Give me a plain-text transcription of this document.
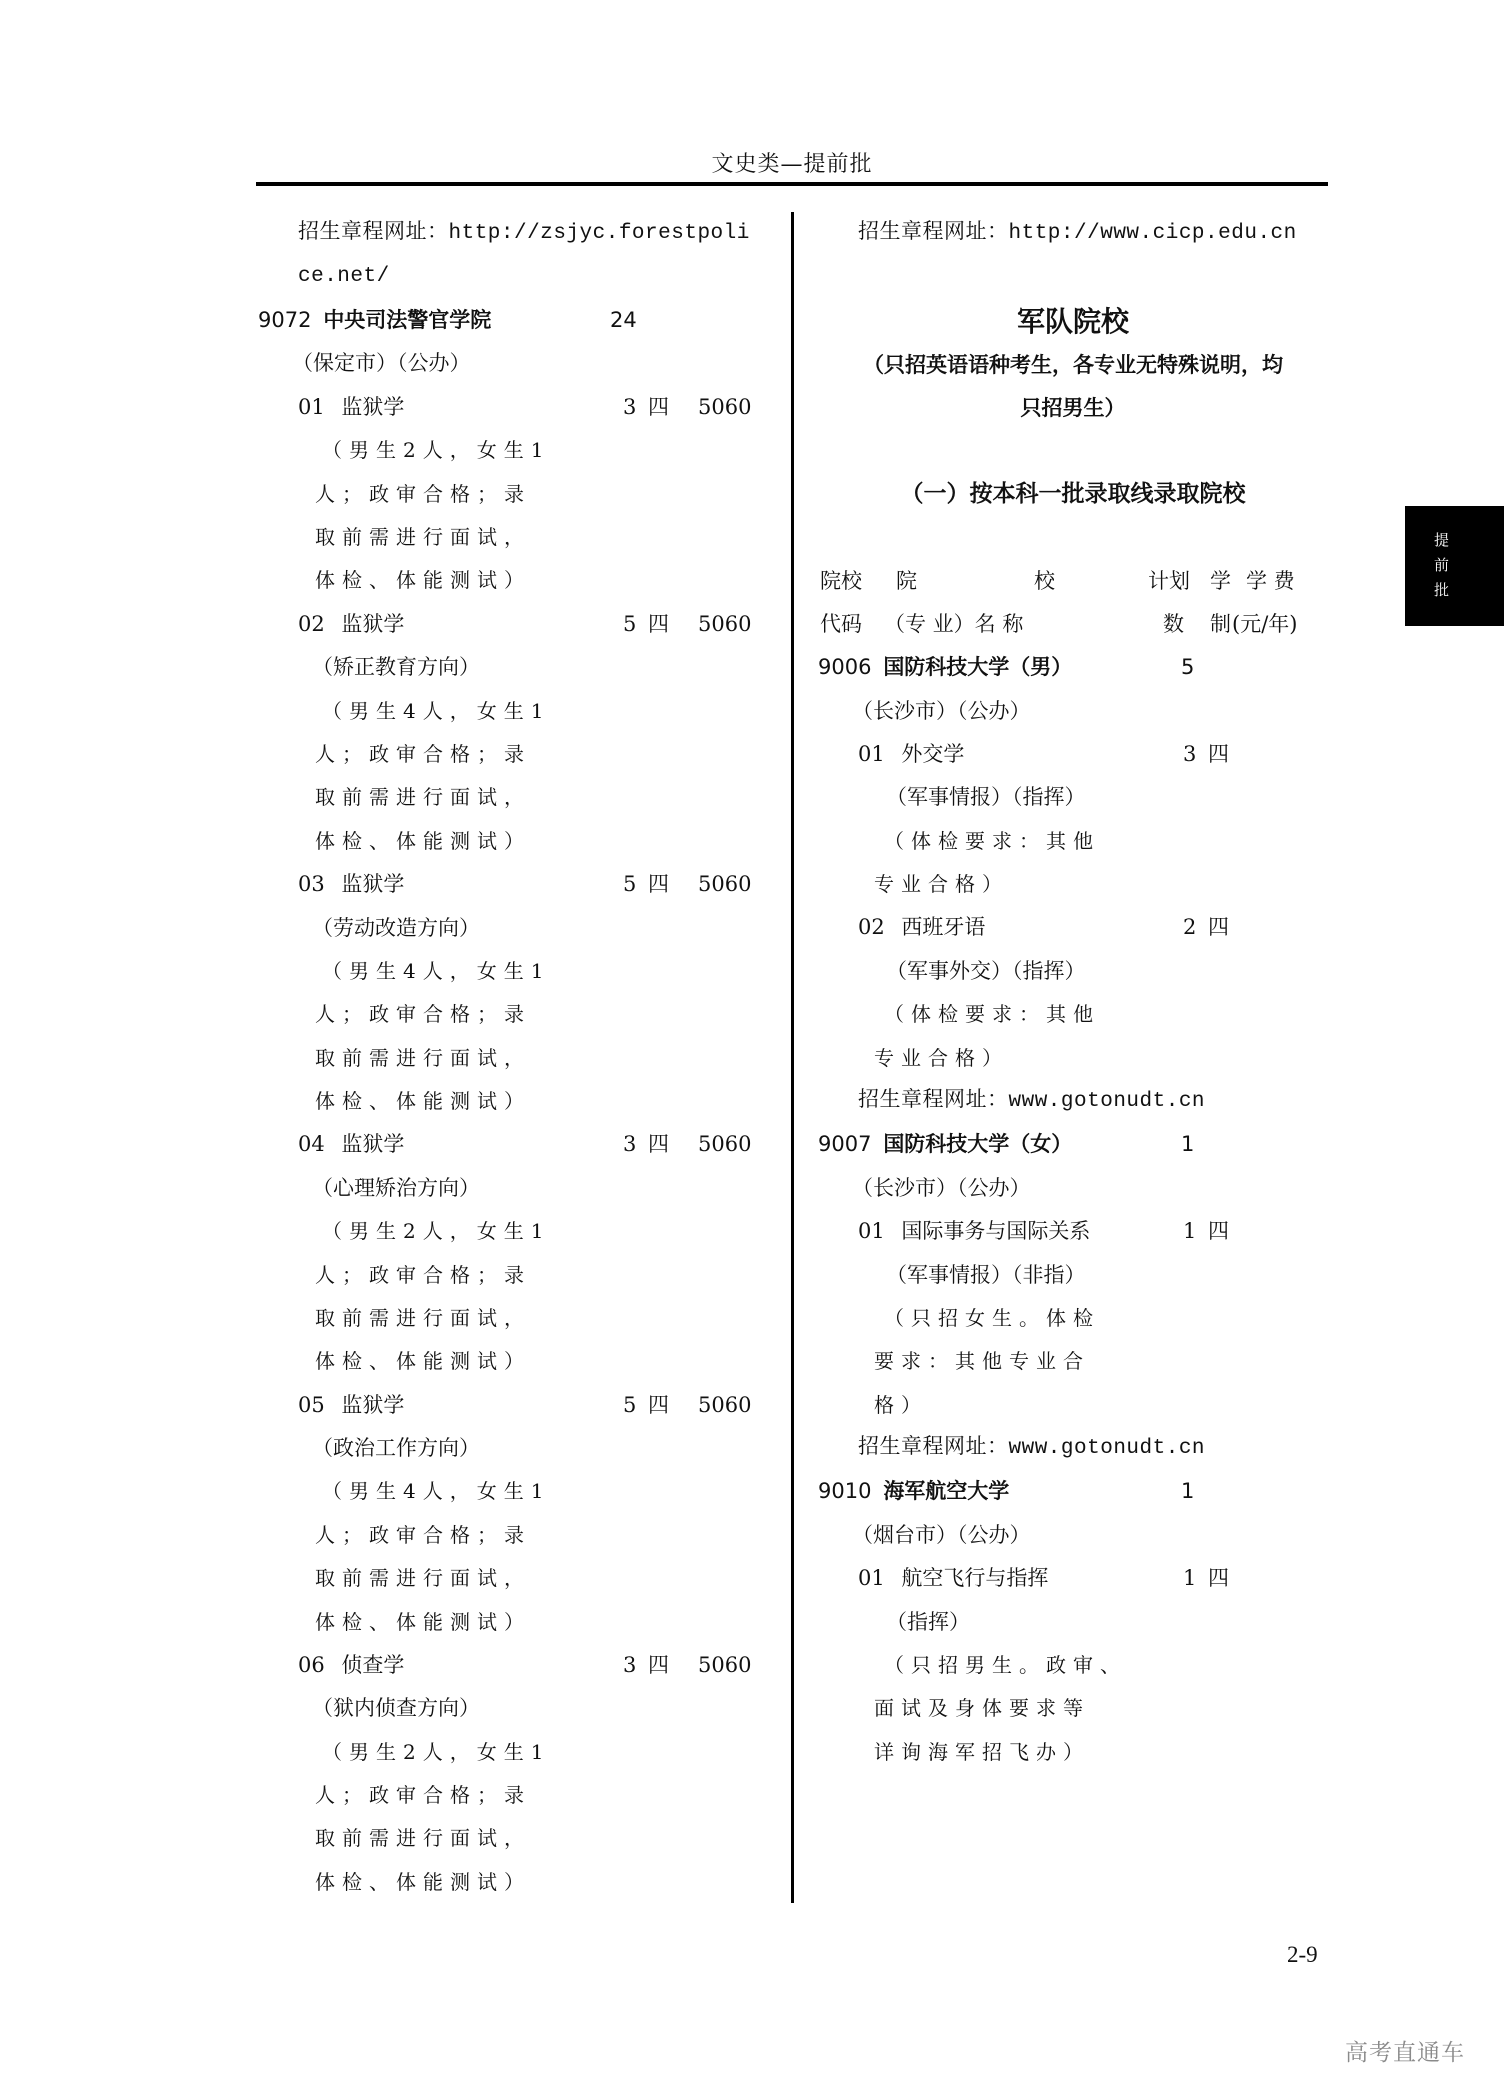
文史类—提前批
招生章程网址：http://zsjyc.forestpoli
ce.net/
9072 中央司法警官学院	24
（保定市）（公办）
01 监狱学	3 四 5060
（男生2人，女生1
人；政审合格；录
取前需进行面试，
体检、体能测试）
02 监狱学	5 四 5060
（矫正教育方向）
（男生4人，女生1
人；政审合格；录
取前需进行面试，
体检、体能测试）
03 监狱学	5 四 5060
（劳动改造方向）
（男生4人，女生1
人；政审合格；录
取前需进行面试，
体检、体能测试）
04 监狱学	3 四 5060
（心理矫治方向）
（男生2人，女生1
人；政审合格；录
取前需进行面试，
体检、体能测试）
05 监狱学	5 四 5060
（政治工作方向）
（男生4人，女生1
人；政审合格；录
取前需进行面试，
体检、体能测试）
06 侦查学	3 四 5060
（狱内侦查方向）
（男生2人，女生1
人；政审合格；录
取前需进行面试，
体检、体能测试）
招生章程网址：http://www.cicp.edu.cn
军队院校
（只招英语语种考生，各专业无特殊说明，均
只招男生）
（一）按本科一批录取线录取院校
院校 院	校	计划 学 学 费
代码 （专 业）名 称	数 制 (元/年)
9006 国防科技大学（男）	5
（长沙市）（公办）
01 外交学	3 四
（军事情报）（指挥）
（体检要求：其他
专业合格）
02 西班牙语	2 四
（军事外交）（指挥）
（体检要求：其他
专业合格）
招生章程网址：www.gotonudt.cn
9007 国防科技大学（女）	1
（长沙市）（公办）
01 国际事务与国际关系	1 四
（军事情报）（非指）
（只招女生。体检
要求：其他专业合
格）
招生章程网址：www.gotonudt.cn
9010 海军航空大学	1
（烟台市）（公办）
01 航空飞行与指挥	1 四
（指挥）
（只招男生。政审、
面试及身体要求等
详询海军招飞办）
提
前
批
2-9
高考直通车
